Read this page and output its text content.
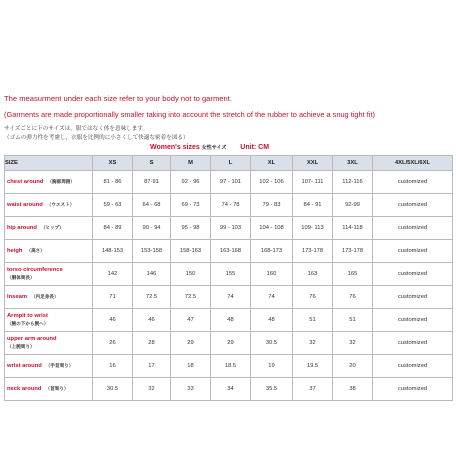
The measurment under each size refer to your body not to garment.
(Garments are made proportionally smaller taking into account the stretch of the rubber to achieve a snug tight fit)
サイズごとに下のサイズは，服ではなく体を意味します。
（ゴムの弾力性を考慮し，衣服を比例的に小さくして快適な密着を図る）
Women's sizes 女性サイズ Unit: CM
SIZE	XS	S	M	L	XL	XXL	3XL	4XL/5XL/6XL
chest around （胸部周囲）	81 - 86	87-91	92 - 96	97 - 101	102 - 106	107- 111	112-116	customized
waist around （ウエスト）	59 - 63	64 - 68	69 - 73	74 - 78	79 - 83	84 - 91	92-99	customized
hip around （ヒップ）	84 - 89	90 - 94	95 - 98	99 - 103	104 - 108	109- 113	114-118	customized
heigh （高さ）	148-153	153-158	158-163	163-168	168-173	173-178	173-178	customized

torso circumference
（胴体周長）	142	146	150	155	160	163	165	customized
Inseam （内足身長）	71	72.5	72.5	74	74	76	76	customized

Armpit to wrist
（腋の下から腕へ）	46	46	47	48	48	51	51	customized

upper arm around
（上腕周り）	26	28	29	29	30.5	32	32	customized
wrist around （手首周り）	16	17	18	18.5	19	19.5	20	customized
neck around （首周り）	30.5	32	33	34	35.5	37	38	customized
